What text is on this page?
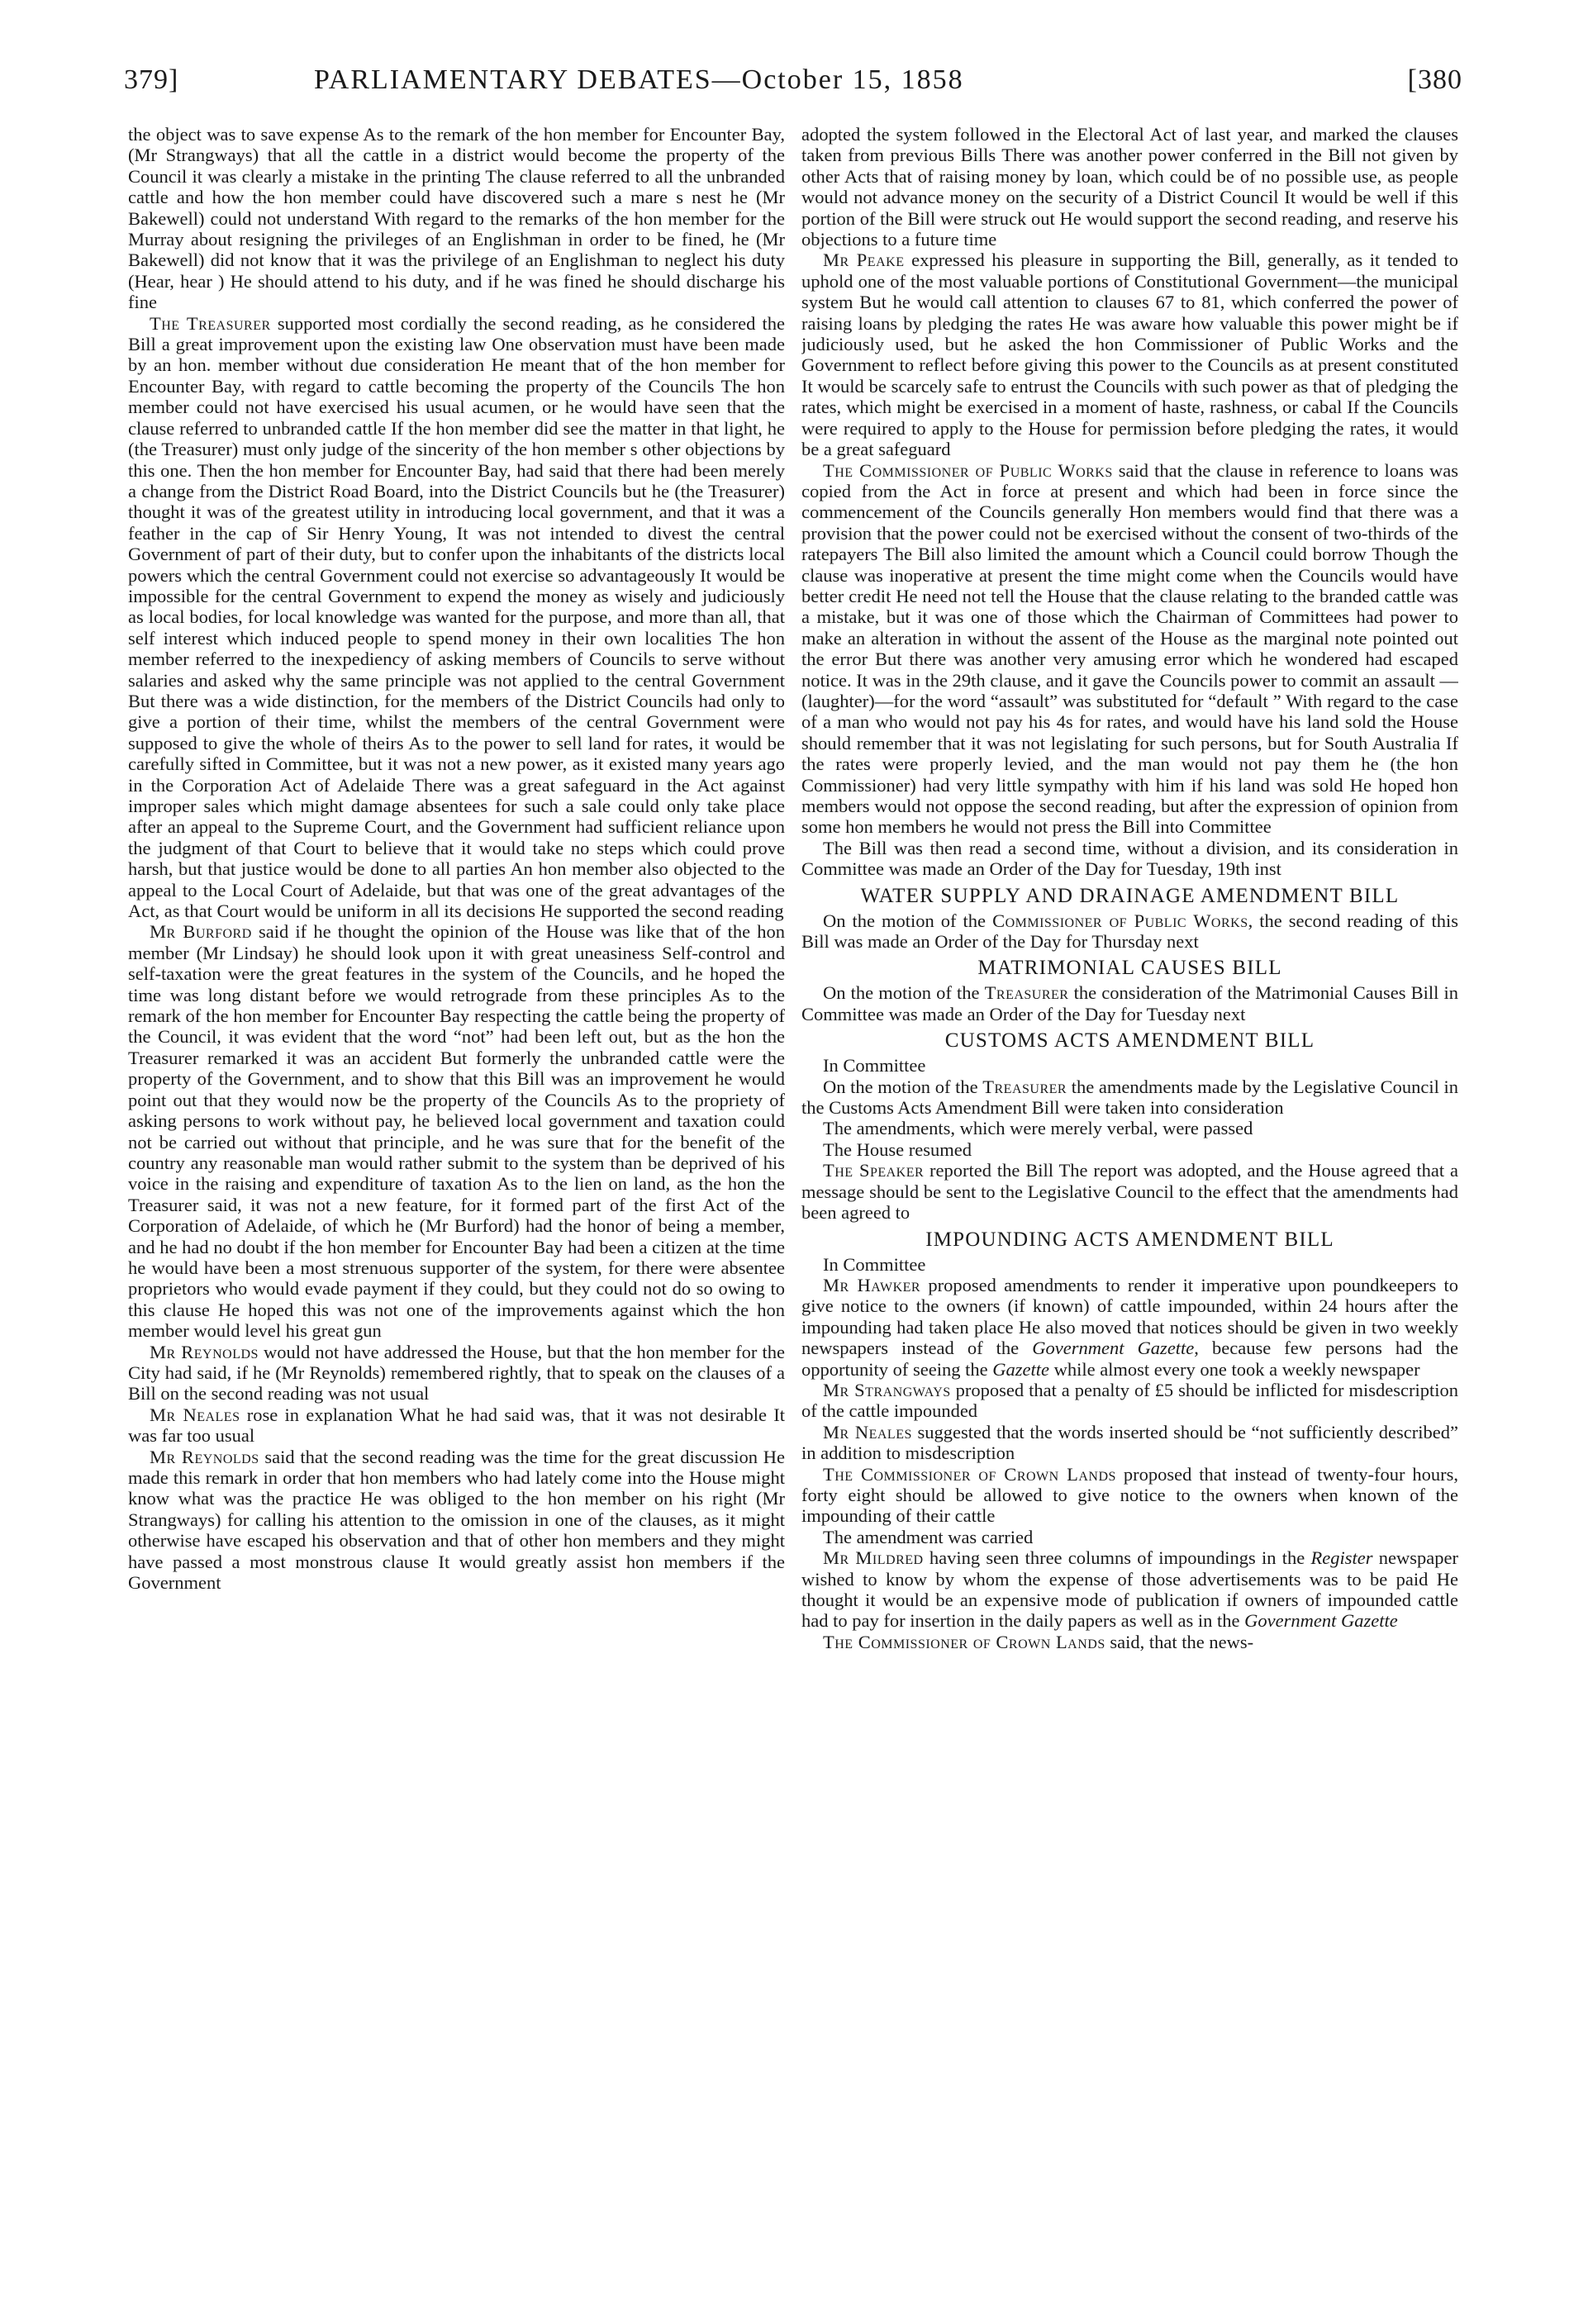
379]	PARLIAMENTARY DEBATES—October 15, 1858	[380

the object was to save expense As to the remark of the hon member for Encounter Bay, (Mr Strangways) that all the cattle in a district would become the property of the Council it was clearly a mistake in the printing The clause referred to all the unbranded cattle and how the hon member could have discovered such a mare s nest he (Mr Bakewell) could not understand With regard to the remarks of the hon member for the Murray about resigning the privileges of an Englishman in order to be fined, he (Mr Bakewell) did not know that it was the privilege of an Englishman to neglect his duty (Hear, hear ) He should attend to his duty, and if he was fined he should discharge his fine

The Treasurer supported most cordially the second reading, as he considered the Bill a great improvement upon the existing law One observation must have been made by an hon. member without due consideration He meant that of the hon member for Encounter Bay, with regard to cattle becoming the property of the Councils The hon member could not have exercised his usual acumen, or he would have seen that the clause referred to unbranded cattle If the hon member did see the matter in that light, he (the Treasurer) must only judge of the sincerity of the hon member s other objections by this one. Then the hon member for Encounter Bay, had said that there had been merely a change from the District Road Board, into the District Councils but he (the Treasurer) thought it was of the greatest utility in introducing local government, and that it was a feather in the cap of Sir Henry Young, It was not intended to divest the central Government of part of their duty, but to confer upon the inhabitants of the districts local powers which the central Government could not exercise so advantageously It would be impossible for the central Government to expend the money as wisely and judiciously as local bodies, for local knowledge was wanted for the purpose, and more than all, that self interest which induced people to spend money in their own localities The hon member referred to the inexpediency of asking members of Councils to serve without salaries and asked why the same principle was not applied to the central Government But there was a wide distinction, for the members of the District Councils had only to give a portion of their time, whilst the members of the central Government were supposed to give the whole of theirs As to the power to sell land for rates, it would be carefully sifted in Committee, but it was not a new power, as it existed many years ago in the Corporation Act of Adelaide There was a great safeguard in the Act against improper sales which might damage absentees for such a sale could only take place after an appeal to the Supreme Court, and the Government had sufficient reliance upon the judgment of that Court to believe that it would take no steps which could prove harsh, but that justice would be done to all parties An hon member also objected to the appeal to the Local Court of Adelaide, but that was one of the great advantages of the Act, as that Court would be uniform in all its decisions He supported the second reading

Mr Burford said if he thought the opinion of the House was like that of the hon member (Mr Lindsay) he should look upon it with great uneasiness Self-control and self-taxation were the great features in the system of the Councils, and he hoped the time was long distant before we would retrograde from these principles As to the remark of the hon member for Encounter Bay respecting the cattle being the property of the Council, it was evident that the word “not” had been left out, but as the hon the Treasurer remarked it was an accident But formerly the unbranded cattle were the property of the Government, and to show that this Bill was an improvement he would point out that they would now be the property of the Councils As to the propriety of asking persons to work without pay, he believed local government and taxation could not be carried out without that principle, and he was sure that for the benefit of the country any reasonable man would rather submit to the system than be deprived of his voice in the raising and expenditure of taxation As to the lien on land, as the hon the Treasurer said, it was not a new feature, for it formed part of the first Act of the Corporation of Adelaide, of which he (Mr Burford) had the honor of being a member, and he had no doubt if the hon member for Encounter Bay had been a citizen at the time he would have been a most strenuous supporter of the system, for there were absentee proprietors who would evade payment if they could, but they could not do so owing to this clause He hoped this was not one of the improvements against which the hon member would level his great gun

Mr Reynolds would not have addressed the House, but that the hon member for the City had said, if he (Mr Reynolds) remembered rightly, that to speak on the clauses of a Bill on the second reading was not usual

Mr Neales rose in explanation What he had said was, that it was not desirable It was far too usual

Mr Reynolds said that the second reading was the time for the great discussion He made this remark in order that hon members who had lately come into the House might know what was the practice He was obliged to the hon member on his right (Mr Strangways) for calling his attention to the omission in one of the clauses, as it might otherwise have escaped his observation and that of other hon members and they might have passed a most monstrous clause It would greatly assist hon members if the Government

adopted the system followed in the Electoral Act of last year, and marked the clauses taken from previous Bills There was another power conferred in the Bill not given by other Acts that of raising money by loan, which could be of no possible use, as people would not advance money on the security of a District Council It would be well if this portion of the Bill were struck out He would support the second reading, and reserve his objections to a future time

Mr Peake expressed his pleasure in supporting the Bill, generally, as it tended to uphold one of the most valuable portions of Constitutional Government—the municipal system But he would call attention to clauses 67 to 81, which conferred the power of raising loans by pledging the rates He was aware how valuable this power might be if judiciously used, but he asked the hon Commissioner of Public Works and the Government to reflect before giving this power to the Councils as at present constituted It would be scarcely safe to entrust the Councils with such power as that of pledging the rates, which might be exercised in a moment of haste, rashness, or cabal If the Councils were required to apply to the House for permission before pledging the rates, it would be a great safeguard

The Commissioner of Public Works said that the clause in reference to loans was copied from the Act in force at present and which had been in force since the commencement of the Councils generally Hon members would find that there was a provision that the power could not be exercised without the consent of two-thirds of the ratepayers The Bill also limited the amount which a Council could borrow Though the clause was inoperative at present the time might come when the Councils would have better credit He need not tell the House that the clause relating to the branded cattle was a mistake, but it was one of those which the Chairman of Committees had power to make an alteration in without the assent of the House as the marginal note pointed out the error But there was another very amusing error which he wondered had escaped notice. It was in the 29th clause, and it gave the Councils power to commit an assault —(laughter)—for the word “assault” was substituted for “default ” With regard to the case of a man who would not pay his 4s for rates, and would have his land sold the House should remember that it was not legislating for such persons, but for South Australia If the rates were properly levied, and the man would not pay them he (the hon Commissioner) had very little sympathy with him if his land was sold He hoped hon members would not oppose the second reading, but after the expression of opinion from some hon members he would not press the Bill into Committee

The Bill was then read a second time, without a division, and its consideration in Committee was made an Order of the Day for Tuesday, 19th inst

WATER SUPPLY AND DRAINAGE AMENDMENT BILL

On the motion of the Commissioner of Public Works, the second reading of this Bill was made an Order of the Day for Thursday next

MATRIMONIAL CAUSES BILL

On the motion of the Treasurer the consideration of the Matrimonial Causes Bill in Committee was made an Order of the Day for Tuesday next

CUSTOMS ACTS AMENDMENT BILL

In Committee

On the motion of the Treasurer the amendments made by the Legislative Council in the Customs Acts Amendment Bill were taken into consideration

The amendments, which were merely verbal, were passed

The House resumed

The Speaker reported the Bill The report was adopted, and the House agreed that a message should be sent to the Legislative Council to the effect that the amendments had been agreed to

IMPOUNDING ACTS AMENDMENT BILL

In Committee

Mr Hawker proposed amendments to render it imperative upon poundkeepers to give notice to the owners (if known) of cattle impounded, within 24 hours after the impounding had taken place He also moved that notices should be given in two weekly newspapers instead of the Government Gazette, because few persons had the opportunity of seeing the Gazette while almost every one took a weekly newspaper

Mr Strangways proposed that a penalty of £5 should be inflicted for misdescription of the cattle impounded

Mr Neales suggested that the words inserted should be “not sufficiently described” in addition to misdescription

The Commissioner of Crown Lands proposed that instead of twenty-four hours, forty eight should be allowed to give notice to the owners when known of the impounding of their cattle

The amendment was carried

Mr Mildred having seen three columns of impoundings in the Register newspaper wished to know by whom the expense of those advertisements was to be paid He thought it would be an expensive mode of publication if owners of impounded cattle had to pay for insertion in the daily papers as well as in the Government Gazette

The Commissioner of Crown Lands said, that the news-
